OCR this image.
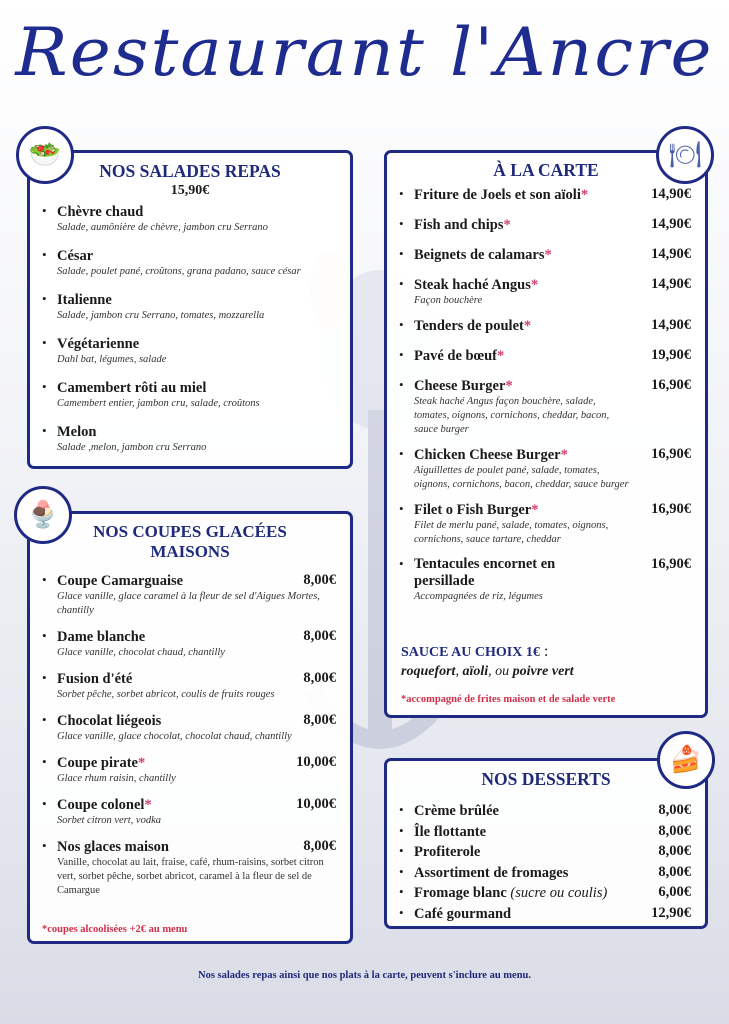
Restaurant l'Ancre
NOS SALADES REPAS
15,90€
• Chèvre chaud
Salade, aumônière de chèvre, jambon cru Serrano
• César
Salade, poulet pané, croûtons, grana padano, sauce césar
• Italienne
Salade, jambon cru Serrano, tomates, mozzarella
• Végétarienne
Dahl bat, légumes, salade
• Camembert rôti au miel
Camembert entier, jambon cru, salade, croûtons
• Melon
Salade ,melon, jambon cru Serrano
🥗
NOS COUPES GLACÉES MAISONS
• Coupe Camarguaise	8,00€
Glace vanille, glace caramel à la fleur de sel d'Aigues Mortes, chantilly
• Dame blanche	8,00€
Glace vanille, chocolat chaud, chantilly
• Fusion d'été	8,00€
Sorbet pêche, sorbet abricot, coulis de fruits rouges
• Chocolat liégeois	8,00€
Glace vanille, glace chocolat, chocolat chaud, chantilly
• Coupe pirate*	10,00€
Glace rhum raisin, chantilly
• Coupe colonel*	10,00€
Sorbet citron vert, vodka
• Nos glaces maison	8,00€
Vanille, chocolat au lait, fraise, café, rhum-raisins, sorbet citron vert, sorbet pêche, sorbet abricot, caramel à la fleur de sel de Camargue
*coupes alcoolisées +2€ au menu
🍨
À LA CARTE
• Friture de Joels et son aïoli*	14,90€
• Fish and chips*	14,90€
• Beignets de calamars*	14,90€
• Steak haché Angus*	14,90€
Façon bouchère
• Tenders de poulet*	14,90€
• Pavé de bœuf*	19,90€
• Cheese Burger*	16,90€
Steak haché Angus façon bouchère, salade, tomates, oignons, cornichons, cheddar, bacon, sauce burger
• Chicken Cheese Burger*	16,90€
Aiguillettes de poulet pané, salade, tomates, oignons, cornichons, bacon, cheddar, sauce burger
• Filet o Fish Burger*	16,90€
Filet de merlu pané, salade, tomates, oignons, cornichons, sauce tartare, cheddar
• Tentacules encornet en persillade
16,90€
Accompagnées de riz, légumes
SAUCE AU CHOIX 1€ :
roquefort, aïoli, ou poivre vert
*accompagné de frites maison et de salade verte
🍽
NOS DESSERTS
• Crème brûlée	8,00€
• Île flottante	8,00€
• Profiterole	8,00€
• Assortiment de fromages	8,00€
• Fromage blanc (sucre ou coulis)	6,00€
• Café gourmand	12,90€
🍰
Nos salades repas ainsi que nos plats à la carte, peuvent s'inclure au menu.
